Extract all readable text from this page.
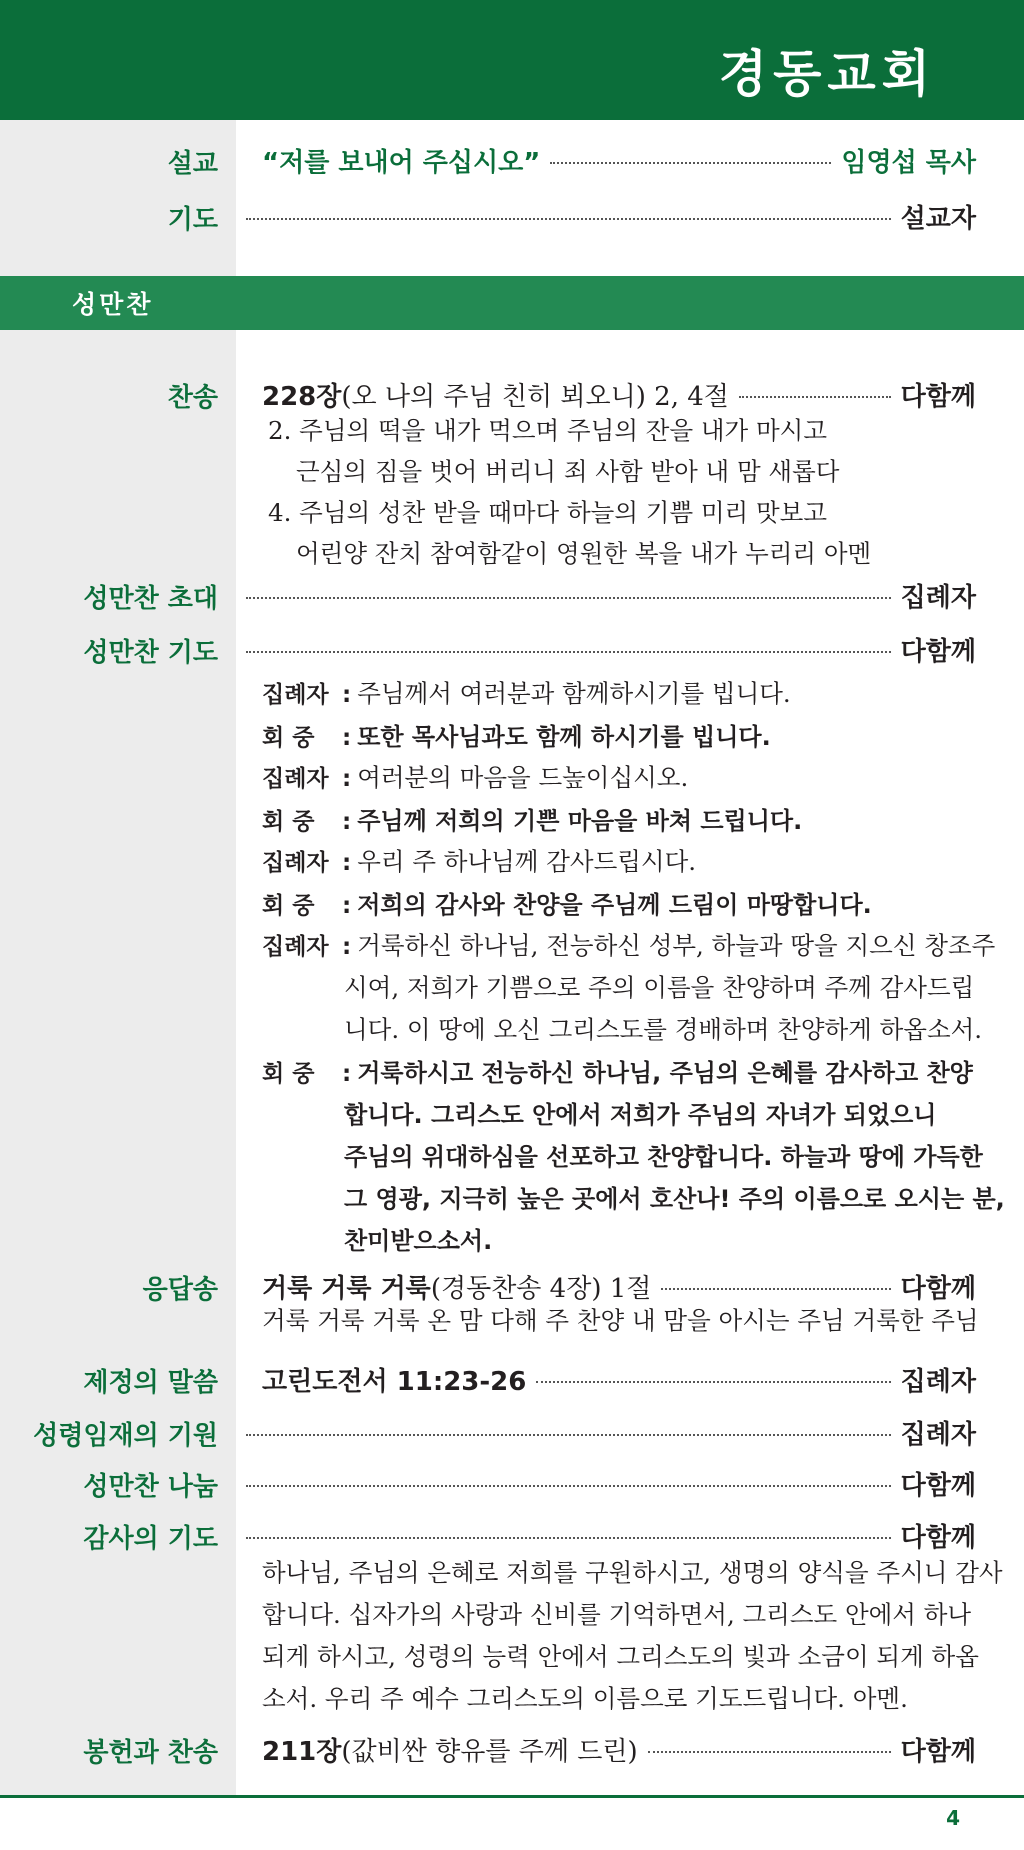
경동교회
설교 “저를 보내어 주십시오”	임영섭 목사
기도	설교자
성만찬
찬송 228장(오 나의 주님 친히 뵈오니) 2, 4절	다함께
2. 주님의 떡을 내가 먹으며 주님의 잔을 내가 마시고
근심의 짐을 벗어 버리니 죄 사함 받아 내 맘 새롭다
4. 주님의 성찬 받을 때마다 하늘의 기쁨 미리 맛보고
어린양 잔치 참여함같이 영원한 복을 내가 누리리 아멘
성만찬 초대	집례자
성만찬 기도	다함께
집례자 : 주님께서 여러분과 함께하시기를 빕니다.
회 중 : 또한 목사님과도 함께 하시기를 빕니다.
집례자 : 여러분의 마음을 드높이십시오.
회 중 : 주님께 저희의 기쁜 마음을 바쳐 드립니다.
집례자 : 우리 주 하나님께 감사드립시다.
회 중 : 저희의 감사와 찬양을 주님께 드림이 마땅합니다.
집례자 : 거룩하신 하나님, 전능하신 성부, 하늘과 땅을 지으신 창조주
시여, 저희가 기쁨으로 주의 이름을 찬양하며 주께 감사드립
니다. 이 땅에 오신 그리스도를 경배하며 찬양하게 하옵소서.
회 중 : 거룩하시고 전능하신 하나님, 주님의 은혜를 감사하고 찬양
합니다. 그리스도 안에서 저희가 주님의 자녀가 되었으니
주님의 위대하심을 선포하고 찬양합니다. 하늘과 땅에 가득한
그 영광, 지극히 높은 곳에서 호산나! 주의 이름으로 오시는 분,
찬미받으소서.
응답송 거룩 거룩 거룩(경동찬송 4장) 1절	다함께
거룩 거룩 거룩 온 맘 다해 주 찬양 내 맘을 아시는 주님 거룩한 주님
제정의 말씀 고린도전서 11:23-26	집례자
성령임재의 기원	집례자
성만찬 나눔	다함께
감사의 기도	다함께
하나님, 주님의 은혜로 저희를 구원하시고, 생명의 양식을 주시니 감사
합니다. 십자가의 사랑과 신비를 기억하면서, 그리스도 안에서 하나
되게 하시고, 성령의 능력 안에서 그리스도의 빛과 소금이 되게 하옵
소서. 우리 주 예수 그리스도의 이름으로 기도드립니다. 아멘.
봉헌과 찬송 211장(값비싼 향유를 주께 드린)	다함께
4
